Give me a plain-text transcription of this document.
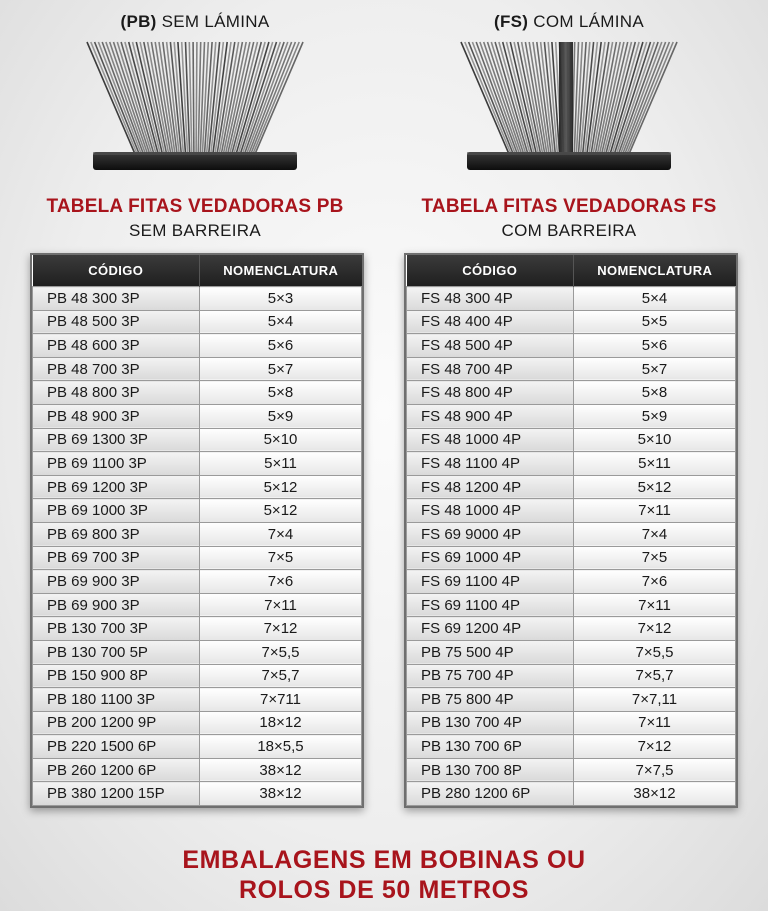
(PB) SEM LÁMINA
TABELA FITAS VEDADORAS PB
SEM BARREIRA
CÓDIGO	NOMENCLATURA
PB 48 300 3P	5×3
PB 48 500 3P	5×4
PB 48 600 3P	5×6
PB 48 700 3P	5×7
PB 48 800 3P	5×8
PB 48 900 3P	5×9
PB 69 1300 3P	5×10
PB 69 1100 3P	5×11
PB 69 1200 3P	5×12
PB 69 1000 3P	5×12
PB 69 800 3P	7×4
PB 69 700 3P	7×5
PB 69 900 3P	7×6
PB 69 900 3P	7×11
PB 130 700 3P	7×12
PB 130 700 5P	7×5,5
PB 150 900 8P	7×5,7
PB 180 1100 3P	7×711
PB 200 1200 9P	18×12
PB 220 1500 6P	18×5,5
PB 260 1200 6P	38×12
PB 380 1200 15P	38×12
(FS) COM LÁMINA
TABELA FITAS VEDADORAS FS
COM BARREIRA
CÓDIGO	NOMENCLATURA
FS 48 300 4P	5×4
FS 48 400 4P	5×5
FS 48 500 4P	5×6
FS 48 700 4P	5×7
FS 48 800 4P	5×8
FS 48 900 4P	5×9
FS 48 1000 4P	5×10
FS 48 1100 4P	5×11
FS 48 1200 4P	5×12
FS 48 1000 4P	7×11
FS 69 9000 4P	7×4
FS 69 1000 4P	7×5
FS 69 1100 4P	7×6
FS 69 1100 4P	7×11
FS 69 1200 4P	7×12
PB 75 500 4P	7×5,5
PB 75 700 4P	7×5,7
PB 75 800 4P	7×7,11
PB 130 700 4P	7×11
PB 130 700 6P	7×12
PB 130 700 8P	7×7,5
PB 280 1200 6P	38×12
EMBALAGENS EM BOBINAS OU
ROLOS DE 50 METROS
